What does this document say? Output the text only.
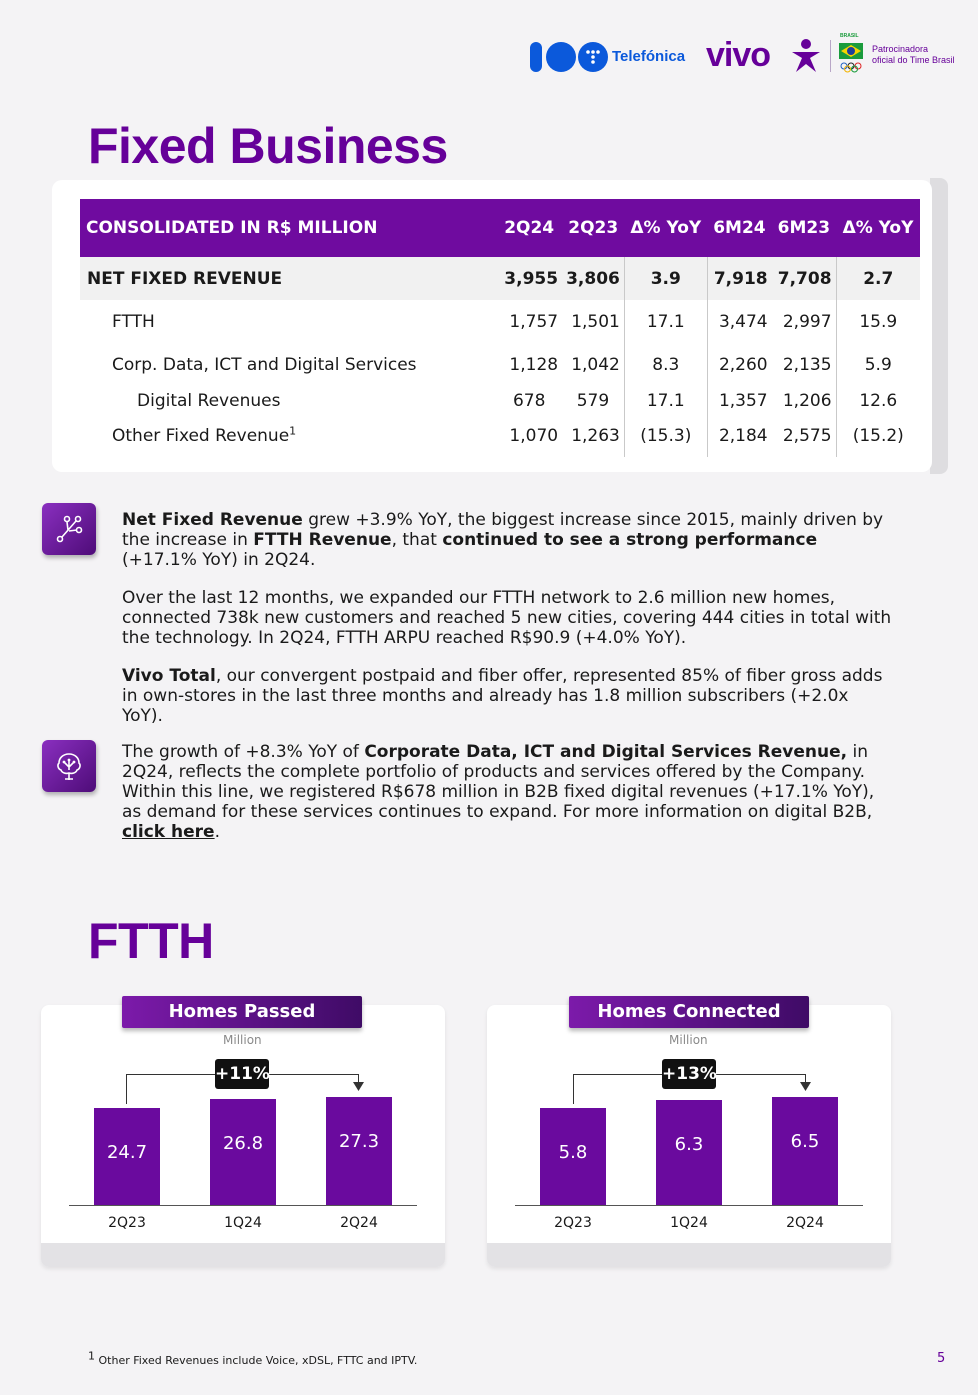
Telefónica vivo	BRASIL
Patrocinadora
oficial do Time Brasil
Fixed Business
CONSOLIDATED IN R$ MILLION	2Q24	2Q23	Δ% YoY	6M24	6M23	Δ% YoY
NET FIXED REVENUE	3,955	3,806	3.9	7,918	7,708	2.7
FTTH	1,757	1,501	17.1	3,474	2,997	15.9
Corp. Data, ICT and Digital Services	1,128	1,042	8.3	2,260	2,135	5.9
Digital Revenues	678	579	17.1	1,357	1,206	12.6
Other Fixed Revenue$^1$	1,070	1,263	(15.3)	2,184	2,575	(15.2)

Net Fixed Revenue grew +3.9% YoY, the biggest increase since 2015, mainly driven by the increase in FTTH Revenue, that continued to see a strong performance (+17.1% YoY) in 2Q24.

Over the last 12 months, we expanded our FTTH network to 2.6 million new homes, connected 738k new customers and reached 5 new cities, covering 444 cities in total with the technology. In 2Q24, FTTH ARPU reached R$90.9 (+4.0% YoY).

Vivo Total, our convergent postpaid and fiber offer, represented 85% of fiber gross adds in own-stores in the last three months and already has 1.8 million subscribers (+2.0x YoY).

The growth of +8.3% YoY of Corporate Data, ICT and Digital Services Revenue, in 2Q24, reflects the complete portfolio of products and services offered by the Company. Within this line, we registered R$678 million in B2B fixed digital revenues (+17.1% YoY), as demand for these services continues to expand. For more information on digital B2B, click here.

FTTH
Homes Passed
Million
+11%
24.7	26.8	27.3
2Q23	1Q24	2Q24
Homes Connected
Million
+13%
5.8	6.3	6.5
2Q23	1Q24	2Q24
$^1$ Other Fixed Revenues include Voice, xDSL, FTTC and IPTV.	5
